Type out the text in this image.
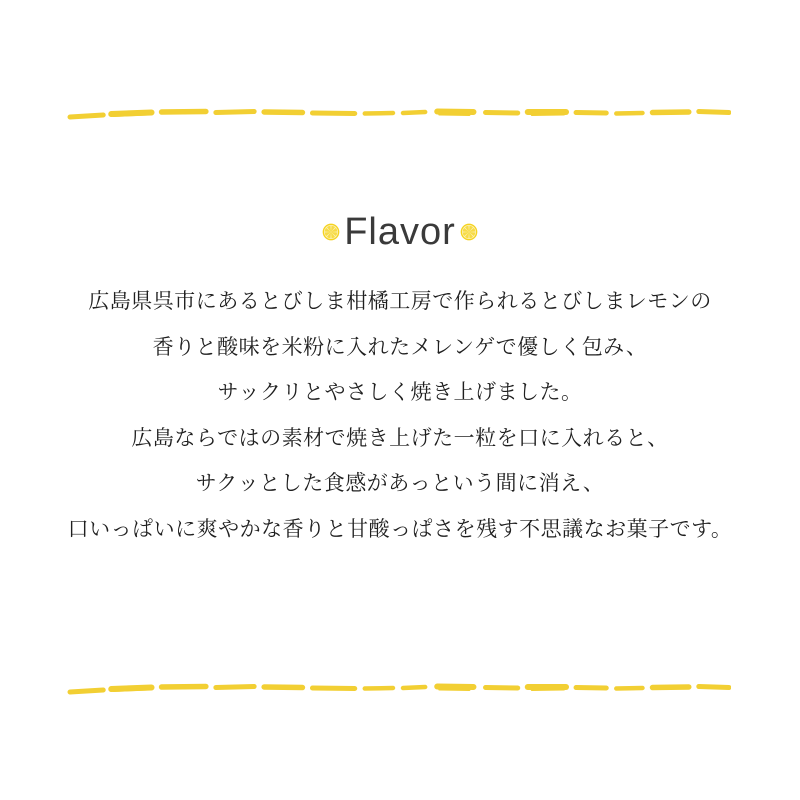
Flavor
広島県呉市にあるとびしま柑橘工房で作られるとびしまレモンの
香りと酸味を米粉に入れたメレンゲで優しく包み、
サックリとやさしく焼き上げました。
広島ならではの素材で焼き上げた一粒を口に入れると、
サクッとした食感があっという間に消え、
口いっぱいに爽やかな香りと甘酸っぱさを残す不思議なお菓子です。
